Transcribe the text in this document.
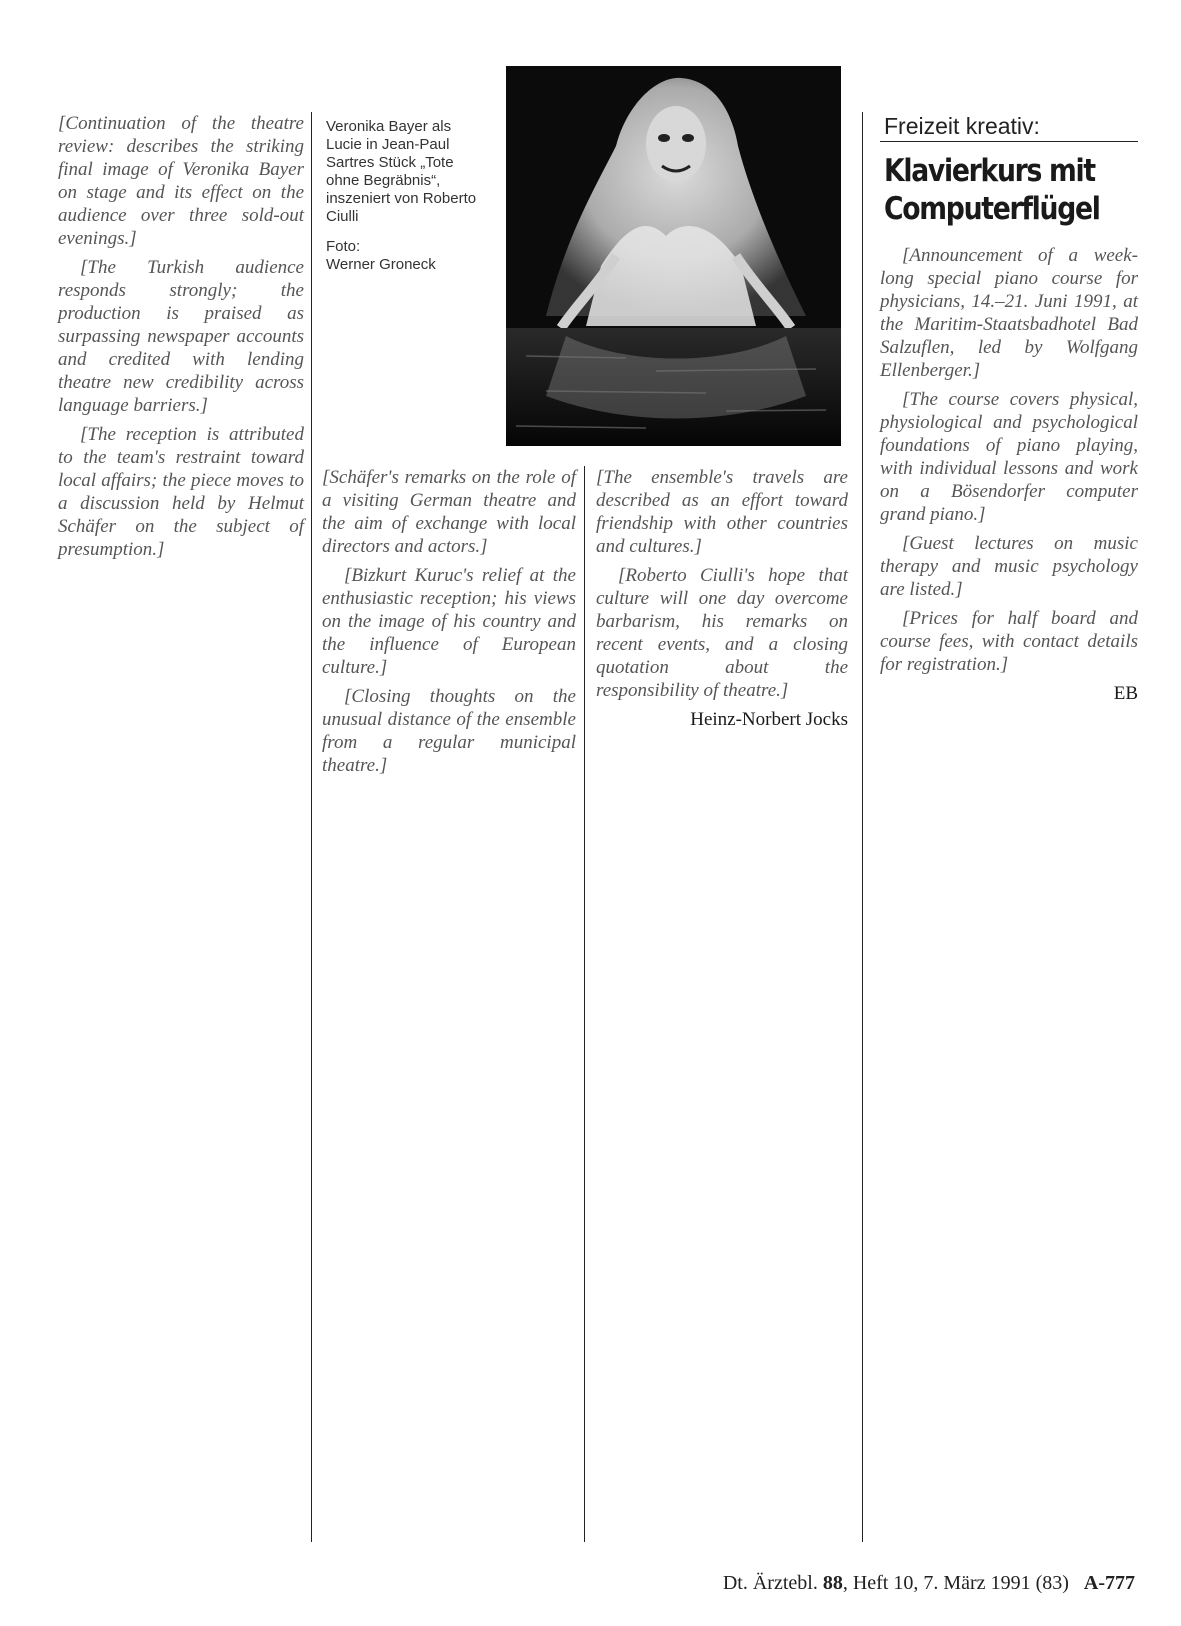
[Continuation of the theatre review: describes the striking final image of Veronika Bayer on stage and its effect on the audience over three sold-out evenings.]

[The Turkish audience responds strongly; the production is praised as surpassing newspaper accounts and credited with lending theatre new credibility across language barriers.]

[The reception is attributed to the team's restraint toward local affairs; the piece moves to a discussion held by Helmut Schäfer on the subject of presumption.]

Veronika Bayer als Lucie in Jean-Paul Sartres Stück „Tote ohne Begräbnis“, inszeniert von Roberto Ciulli
Foto:
Werner Groneck

[Schäfer's remarks on the role of a visiting German theatre and the aim of exchange with local directors and actors.]

[Bizkurt Kuruc's relief at the enthusiastic reception; his views on the image of his country and the influence of European culture.]

[Closing thoughts on the unusual distance of the ensemble from a regular municipal theatre.]

[The ensemble's travels are described as an effort toward friendship with other countries and cultures.]

[Roberto Ciulli's hope that culture will one day overcome barbarism, his remarks on recent events, and a closing quotation about the responsibility of theatre.]

Heinz-Norbert Jocks

Freizeit kreativ:
Klavierkurs mit Computerflügel

[Announcement of a week-long special piano course for physicians, 14.–21. Juni 1991, at the Maritim-Staatsbadhotel Bad Salzuflen, led by Wolfgang Ellenberger.]

[The course covers physical, physiological and psychological foundations of piano playing, with individual lessons and work on a Bösendorfer computer grand piano.]

[Guest lectures on music therapy and music psychology are listed.]

[Prices for half board and course fees, with contact details for registration.]

EB

Dt. Ärztebl. 88, Heft 10, 7. März 1991 (83) A-777
